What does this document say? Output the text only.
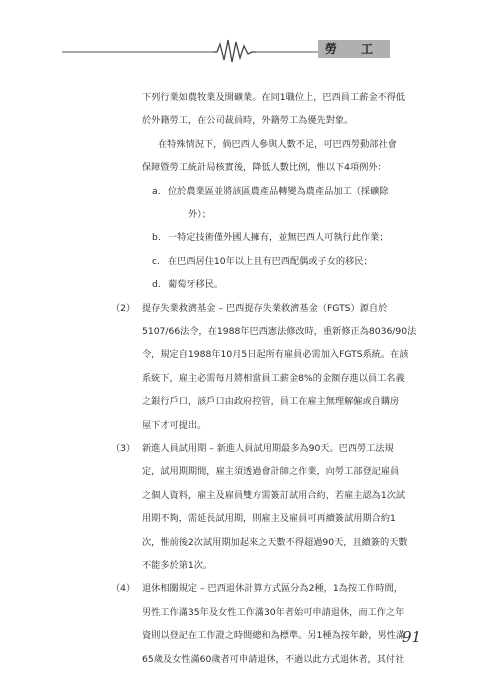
勞　工
下列行業如農牧業及開礦業。在同1職位上，巴西員工薪金不得低
於外籍勞工，在公司裁員時，外籍勞工為優先對象。
在特殊情況下，倘巴西人參與人數不足，可巴西勞動部社會
保障暨勞工統計局核實後，降低人數比例，惟以下4項例外：
a. 位於農業區並將該區農產品轉變為農產品加工（採礦除
外）；
b. 一特定技術僅外國人擁有，並無巴西人可執行此作業；
c. 在巴西居住10年以上且有巴西配偶或子女的移民；
d. 葡萄牙移民。
（2） 提存失業救濟基金 – 巴西提存失業救濟基金（FGTS）源自於
5107/66法令，在1988年巴西憲法修改時，重新修正為8036/90法
令，規定自1988年10月5日起所有雇員必需加入FGTS系統。在該
系統下，雇主必需每月將相當員工薪金8%的金額存進以員工名義
之銀行戶口，該戶口由政府控管，員工在雇主無理解僱或自購房
屋下才可提出。
（3） 新進人員試用期 – 新進人員試用期最多為90天。巴西勞工法規
定，試用期期間，雇主須透過會計師之作業，向勞工部登記雇員
之個人資料，雇主及雇員雙方需簽訂試用合約，若雇主認為1次試
用期不夠，需延長試用期，則雇主及雇員可再續簽試用期合約1
次，惟前後2次試用期加起來之天數不得超過90天，且續簽的天數
不能多於第1次。
（4） 退休相關規定 – 巴西退休計算方式區分為2種，1為按工作時間，
男性工作滿35年及女性工作滿30年者始可申請退休，而工作之年
資則以登記在工作證之時間總和為標準。另1種為按年齡，男性滿
65歲及女性滿60歲者可申請退休，不過以此方式退休者，其付社
91
